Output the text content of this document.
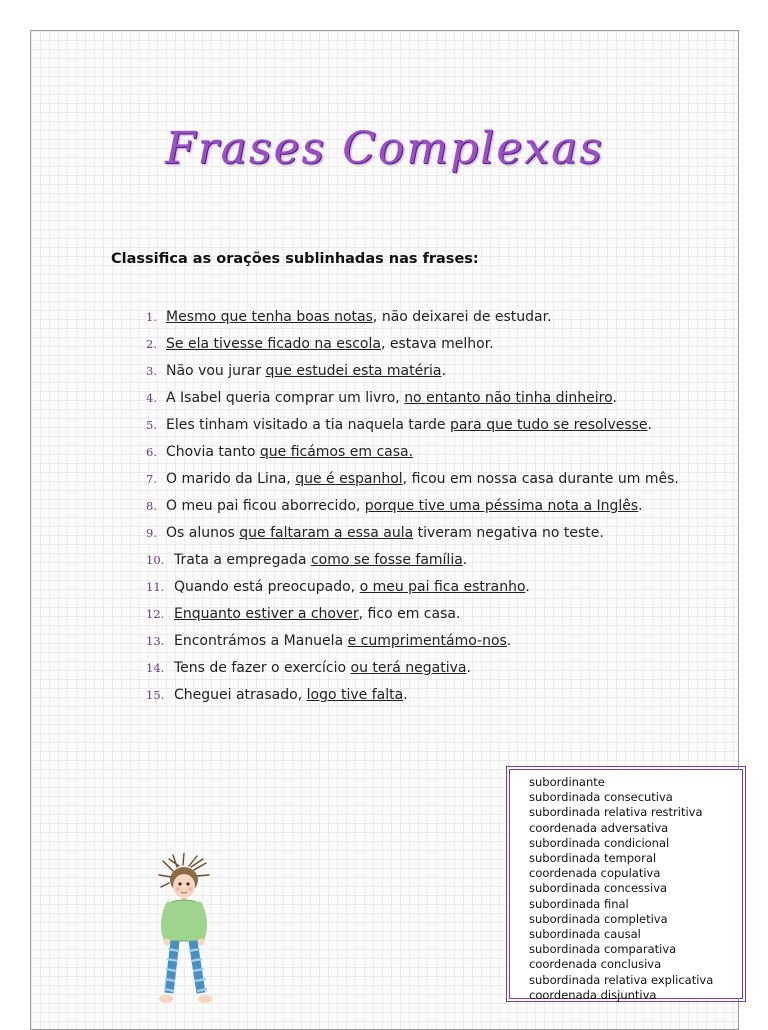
Frases Complexas
Classifica as orações sublinhadas nas frases:
1. Mesmo que tenha boas notas, não deixarei de estudar.
2. Se ela tivesse ficado na escola, estava melhor.
3. Não vou jurar que estudei esta matéria.
4. A Isabel queria comprar um livro, no entanto não tinha dinheiro.
5. Eles tinham visitado a tia naquela tarde para que tudo se resolvesse.
6. Chovia tanto que ficámos em casa.
7. O marido da Lina, que é espanhol, ficou em nossa casa durante um mês.
8. O meu pai ficou aborrecido, porque tive uma péssima nota a Inglês.
9. Os alunos que faltaram a essa aula tiveram negativa no teste.
10. Trata a empregada como se fosse família.
11. Quando está preocupado, o meu pai fica estranho.
12. Enquanto estiver a chover, fico em casa.
13. Encontrámos a Manuela e cumprimentámo-nos.
14. Tens de fazer o exercício ou terá negativa.
15. Cheguei atrasado, logo tive falta.
subordinante
subordinada consecutiva
subordinada relativa restritiva
coordenada adversativa
subordinada condicional
subordinada temporal
coordenada copulativa
subordinada concessiva
subordinada final
subordinada completiva
subordinada causal
subordinada comparativa
coordenada conclusiva
subordinada relativa explicativa
coordenada disjuntiva
